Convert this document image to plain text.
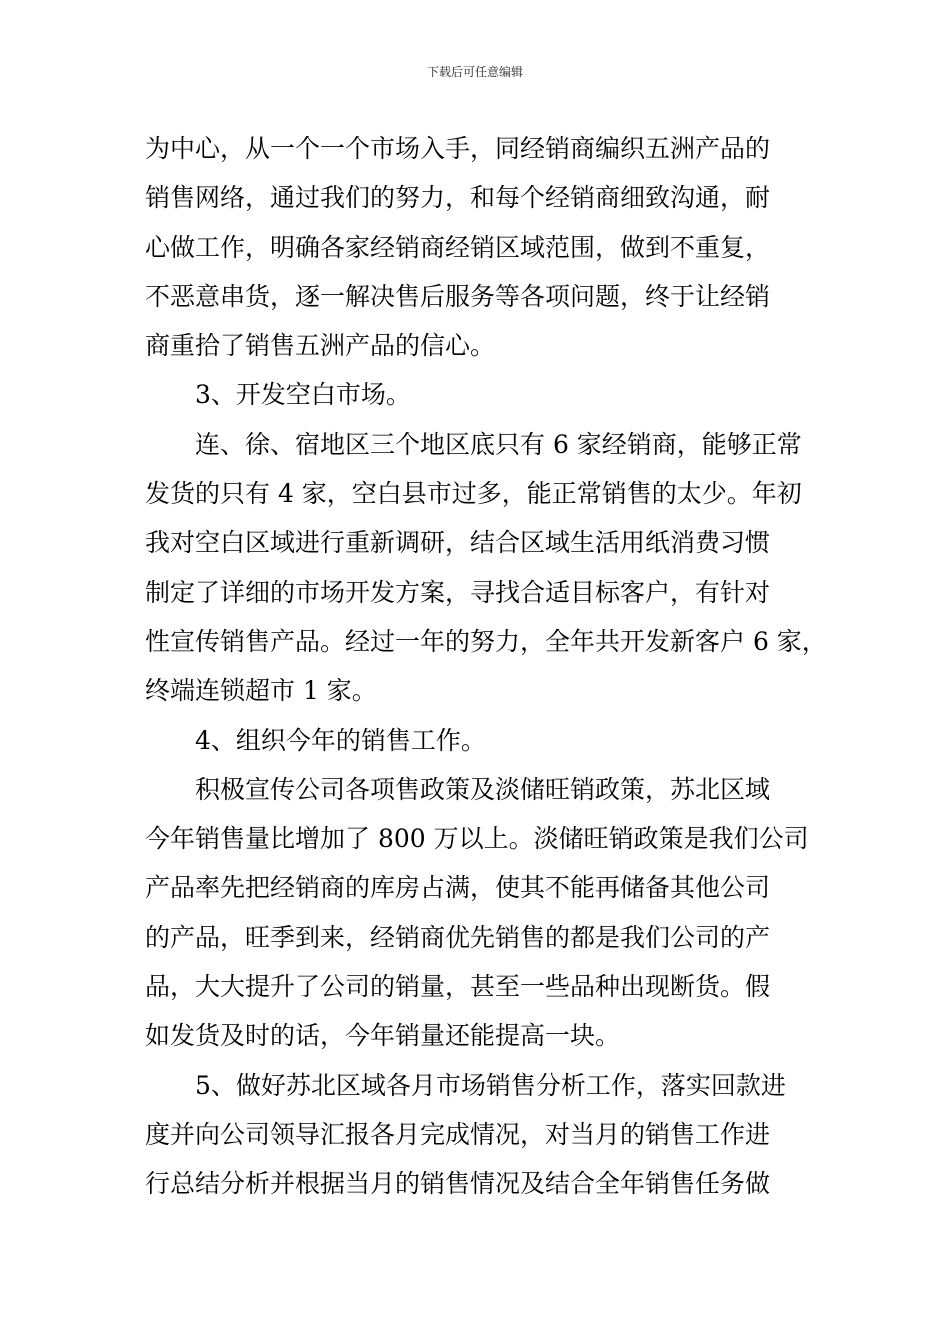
下载后可任意编辑
为中心，从一个一个市场入手，同经销商编织五洲产品的
销售网络，通过我们的努力，和每个经销商细致沟通，耐
心做工作，明确各家经销商经销区域范围，做到不重复，
不恶意串货，逐一解决售后服务等各项问题，终于让经销
商重拾了销售五洲产品的信心。
3、开发空白市场。
连、徐、宿地区三个地区底只有 6 家经销商，能够正常
发货的只有 4 家，空白县市过多，能正常销售的太少。年初
我对空白区域进行重新调研，结合区域生活用纸消费习惯
制定了详细的市场开发方案，寻找合适目标客户，有针对
性宣传销售产品。经过一年的努力，全年共开发新客户 6 家，
终端连锁超市 1 家。
4、组织今年的销售工作。
积极宣传公司各项售政策及淡储旺销政策，苏北区域
今年销售量比增加了 800 万以上。淡储旺销政策是我们公司
产品率先把经销商的库房占满，使其不能再储备其他公司
的产品，旺季到来，经销商优先销售的都是我们公司的产
品，大大提升了公司的销量，甚至一些品种出现断货。假
如发货及时的话，今年销量还能提高一块。
5、做好苏北区域各月市场销售分析工作，落实回款进
度并向公司领导汇报各月完成情况，对当月的销售工作进
行总结分析并根据当月的销售情况及结合全年销售任务做
